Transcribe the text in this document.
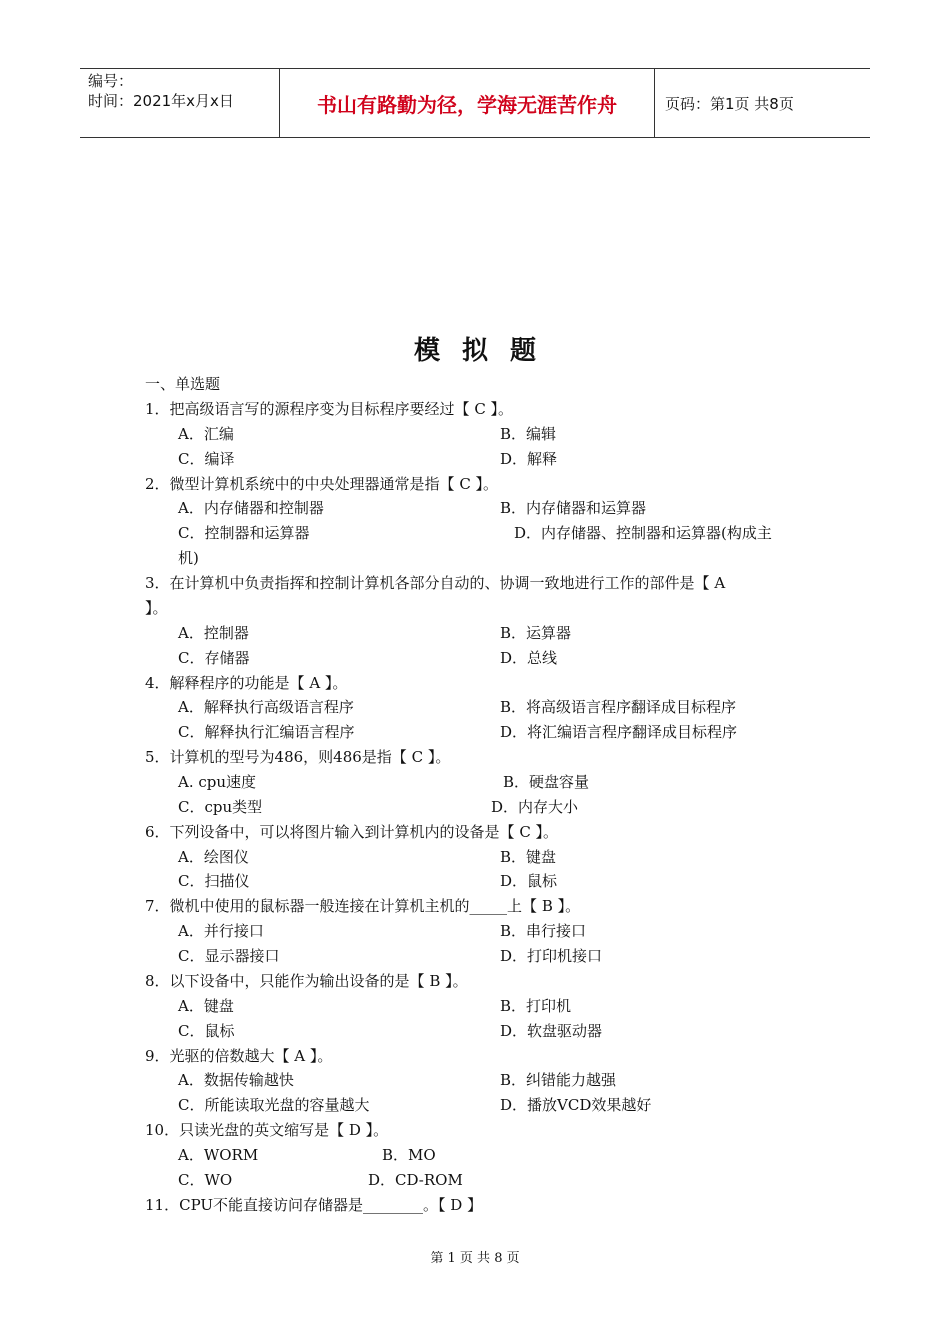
编号：
时间：2021年x月x日	书山有路勤为径，学海无涯苦作舟	页码：第1页 共8页
模拟题
一、单选题
1．把高级语言写的源程序变为目标程序要经过【 C 】。
A．汇编	B．编辑
C．编译	D．解释
2．微型计算机系统中的中央处理器通常是指【 C 】。
A．内存储器和控制器	B．内存储器和运算器
C．控制器和运算器	D．内存储器、控制器和运算器(构成主
机)
3．在计算机中负责指挥和控制计算机各部分自动的、协调一致地进行工作的部件是【 A
】。
A．控制器	B．运算器
C．存储器	D．总线
4．解释程序的功能是【 A 】。
A．解释执行高级语言程序	B．将高级语言程序翻译成目标程序
C．解释执行汇编语言程序	D．将汇编语言程序翻译成目标程序
5．计算机的型号为486，则486是指【 C 】。
A. cpu速度	B．硬盘容量
C．cpu类型	D．内存大小
6．下列设备中，可以将图片输入到计算机内的设备是【 C 】。
A．绘图仪	B．键盘
C．扫描仪	D．鼠标
7．微机中使用的鼠标器一般连接在计算机主机的_____上【 B 】。
A．并行接口	B．串行接口
C．显示器接口	D．打印机接口
8．以下设备中，只能作为输出设备的是【 B 】。
A．键盘	B．打印机
C．鼠标	D．软盘驱动器
9．光驱的倍数越大【 A 】。
A．数据传输越快	B．纠错能力越强
C．所能读取光盘的容量越大	D．播放VCD效果越好
10．只读光盘的英文缩写是【 D 】。
A．WORM	B．MO
C．WO	D．CD-ROM
11．CPU不能直接访问存储器是________。【 D 】
第 1 页 共 8 页
